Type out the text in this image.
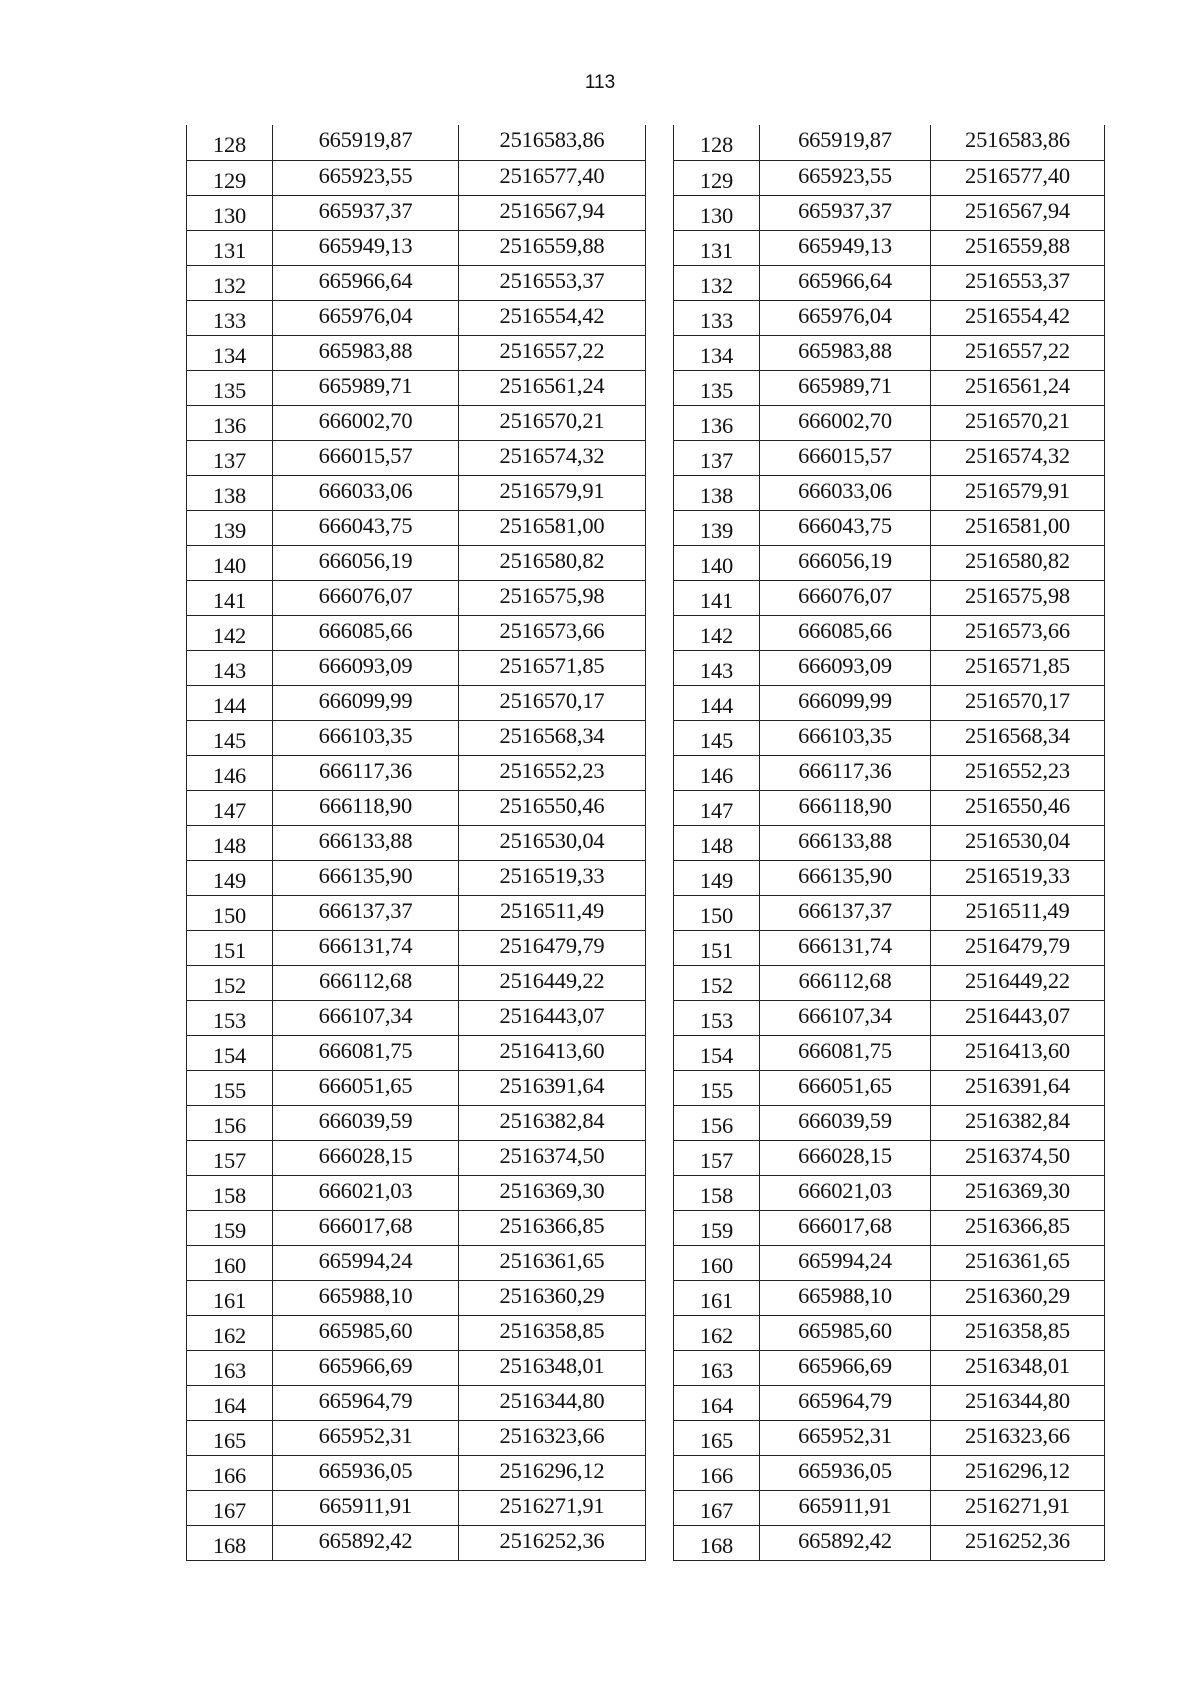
113
128	665919,87	2516583,86
129	665923,55	2516577,40
130	665937,37	2516567,94
131	665949,13	2516559,88
132	665966,64	2516553,37
133	665976,04	2516554,42
134	665983,88	2516557,22
135	665989,71	2516561,24
136	666002,70	2516570,21
137	666015,57	2516574,32
138	666033,06	2516579,91
139	666043,75	2516581,00
140	666056,19	2516580,82
141	666076,07	2516575,98
142	666085,66	2516573,66
143	666093,09	2516571,85
144	666099,99	2516570,17
145	666103,35	2516568,34
146	666117,36	2516552,23
147	666118,90	2516550,46
148	666133,88	2516530,04
149	666135,90	2516519,33
150	666137,37	2516511,49
151	666131,74	2516479,79
152	666112,68	2516449,22
153	666107,34	2516443,07
154	666081,75	2516413,60
155	666051,65	2516391,64
156	666039,59	2516382,84
157	666028,15	2516374,50
158	666021,03	2516369,30
159	666017,68	2516366,85
160	665994,24	2516361,65
161	665988,10	2516360,29
162	665985,60	2516358,85
163	665966,69	2516348,01
164	665964,79	2516344,80
165	665952,31	2516323,66
166	665936,05	2516296,12
167	665911,91	2516271,91
168	665892,42	2516252,36
128	665919,87	2516583,86
129	665923,55	2516577,40
130	665937,37	2516567,94
131	665949,13	2516559,88
132	665966,64	2516553,37
133	665976,04	2516554,42
134	665983,88	2516557,22
135	665989,71	2516561,24
136	666002,70	2516570,21
137	666015,57	2516574,32
138	666033,06	2516579,91
139	666043,75	2516581,00
140	666056,19	2516580,82
141	666076,07	2516575,98
142	666085,66	2516573,66
143	666093,09	2516571,85
144	666099,99	2516570,17
145	666103,35	2516568,34
146	666117,36	2516552,23
147	666118,90	2516550,46
148	666133,88	2516530,04
149	666135,90	2516519,33
150	666137,37	2516511,49
151	666131,74	2516479,79
152	666112,68	2516449,22
153	666107,34	2516443,07
154	666081,75	2516413,60
155	666051,65	2516391,64
156	666039,59	2516382,84
157	666028,15	2516374,50
158	666021,03	2516369,30
159	666017,68	2516366,85
160	665994,24	2516361,65
161	665988,10	2516360,29
162	665985,60	2516358,85
163	665966,69	2516348,01
164	665964,79	2516344,80
165	665952,31	2516323,66
166	665936,05	2516296,12
167	665911,91	2516271,91
168	665892,42	2516252,36
